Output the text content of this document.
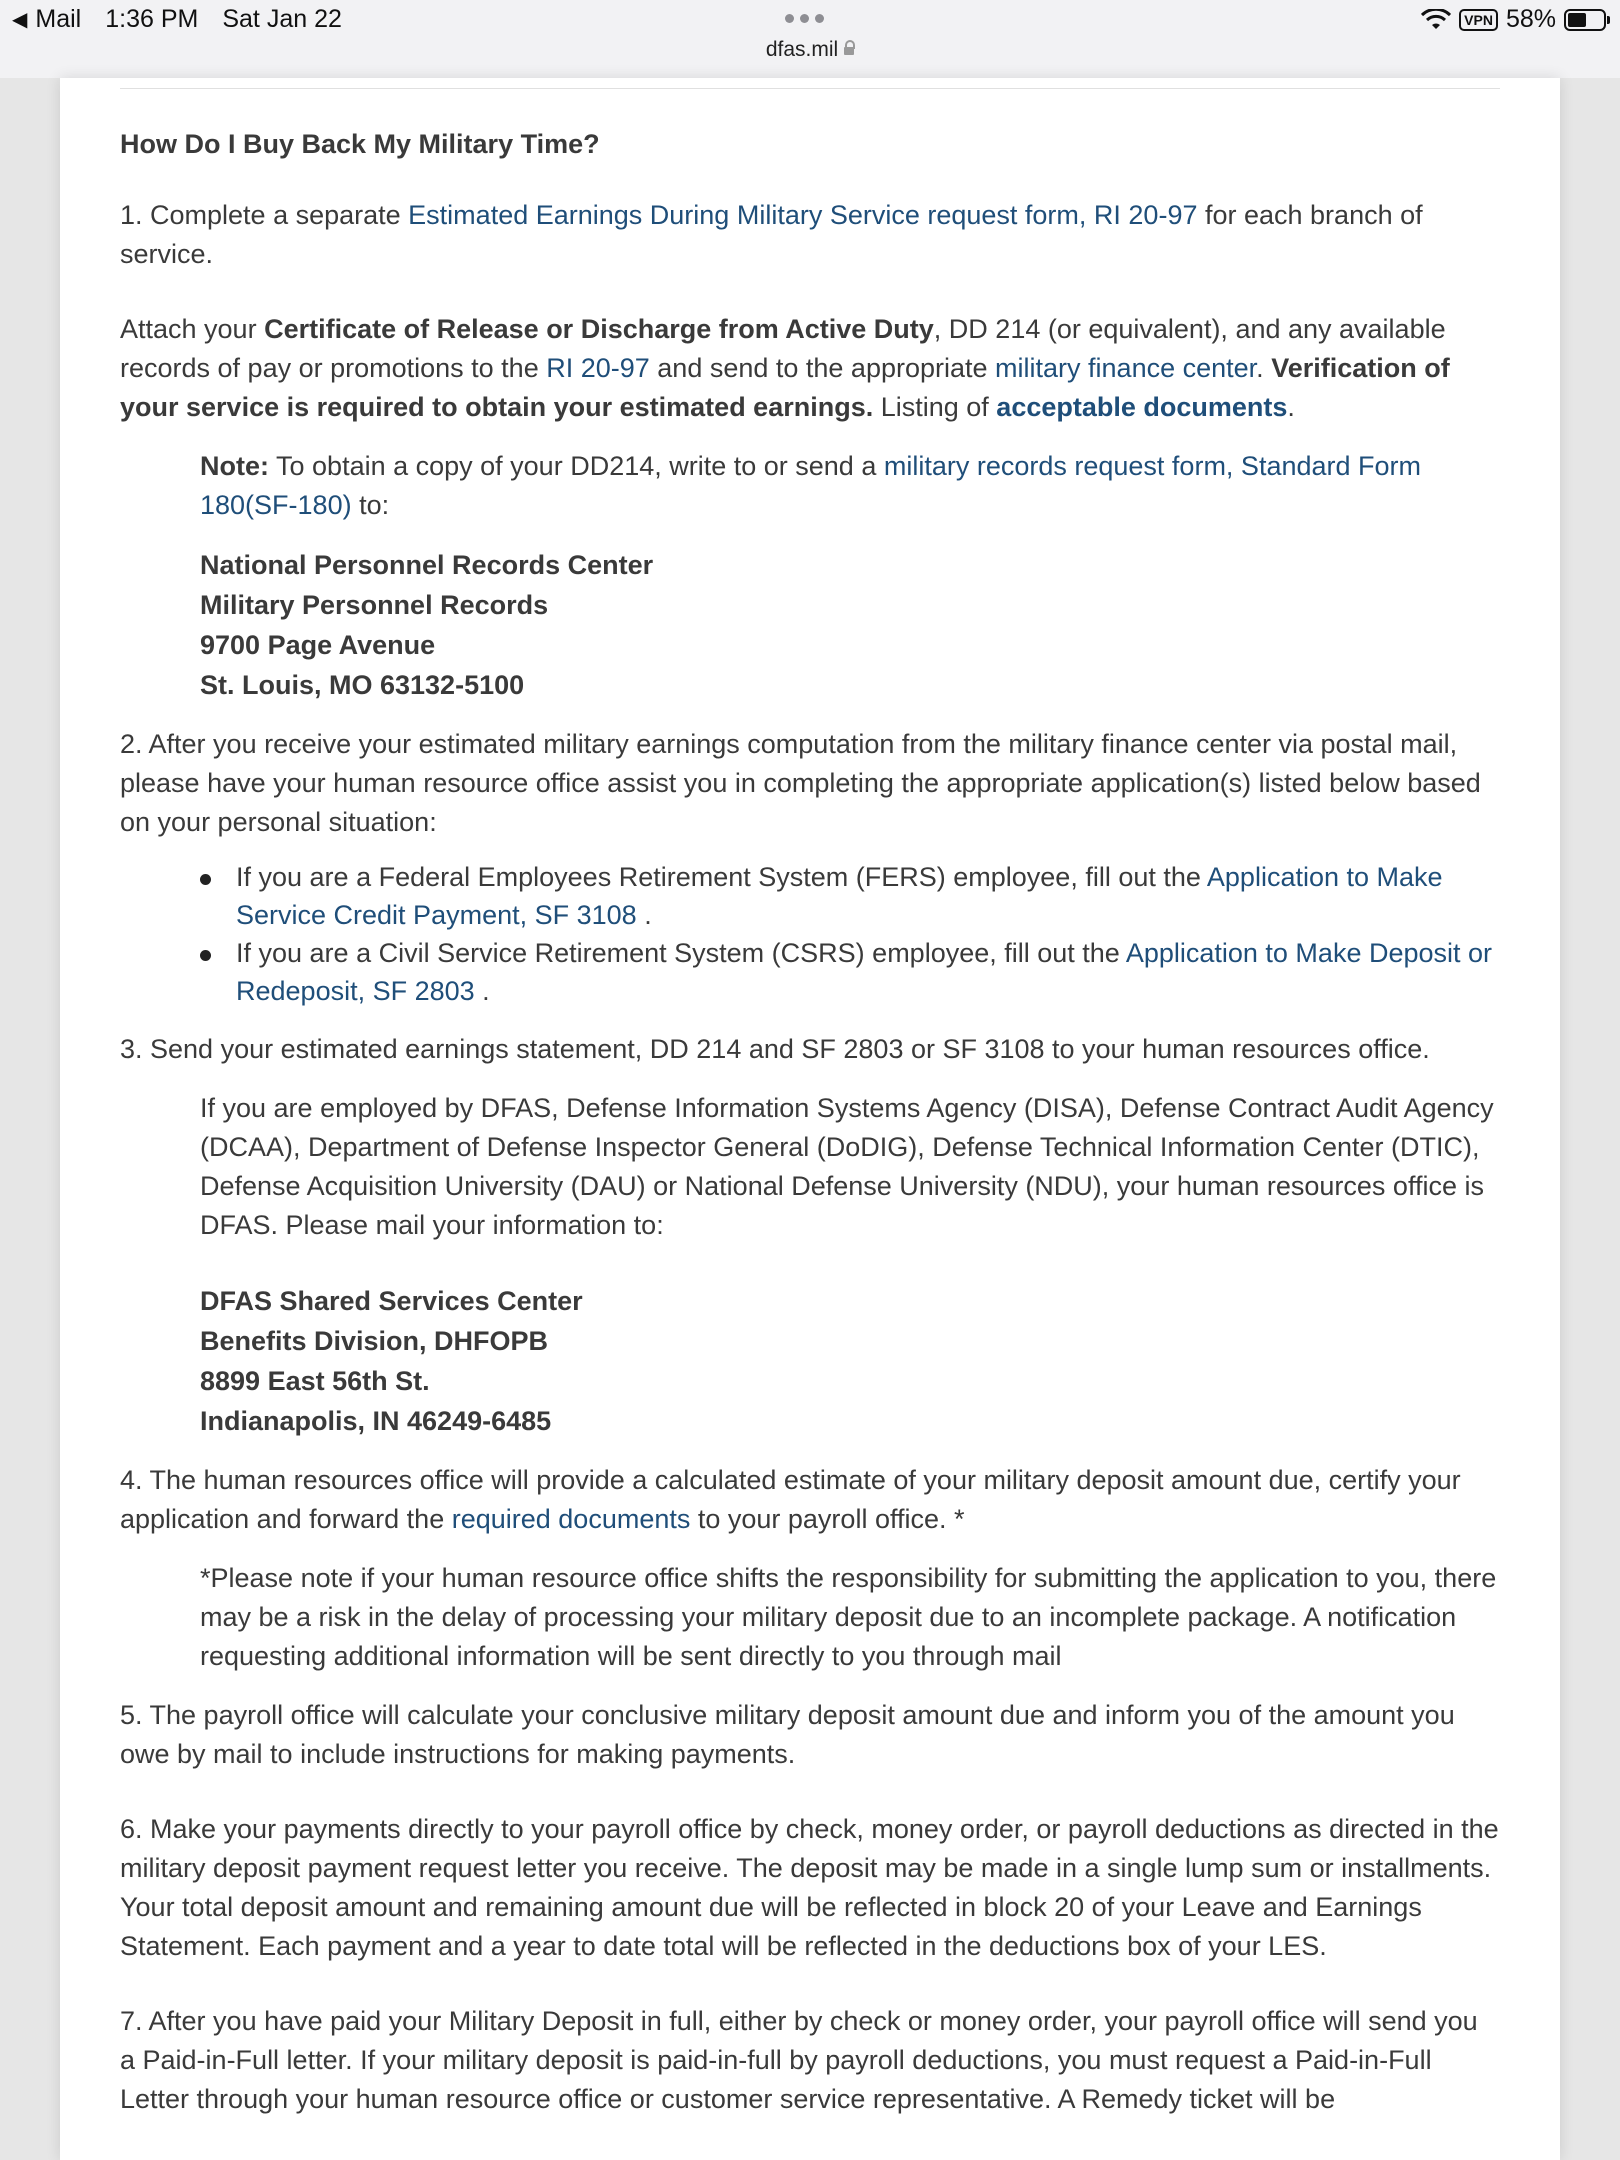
◀ Mail 1:36 PM Sat Jan 22
dfas.mil
VPN 58%
How Do I Buy Back My Military Time?

1. Complete a separate Estimated Earnings During Military Service request form, RI 20-97 for each branch of service.

Attach your Certificate of Release or Discharge from Active Duty, DD 214 (or equivalent), and any available records of pay or promotions to the RI 20-97 and send to the appropriate military finance center. Verification of your service is required to obtain your estimated earnings. Listing of acceptable documents.

Note: To obtain a copy of your DD214, write to or send a military records request form, Standard Form 180(SF-180) to:

National Personnel Records Center
Military Personnel Records
9700 Page Avenue
St. Louis, MO 63132-5100

2. After you receive your estimated military earnings computation from the military finance center via postal mail, please have your human resource office assist you in completing the appropriate application(s) listed below based on your personal situation:

If you are a Federal Employees Retirement System (FERS) employee, fill out the Application to Make Service Credit Payment, SF 3108 .
If you are a Civil Service Retirement System (CSRS) employee, fill out the Application to Make Deposit or Redeposit, SF 2803 .

3. Send your estimated earnings statement, DD 214 and SF 2803 or SF 3108 to your human resources office.

If you are employed by DFAS, Defense Information Systems Agency (DISA), Defense Contract Audit Agency (DCAA), Department of Defense Inspector General (DoDIG), Defense Technical Information Center (DTIC), Defense Acquisition University (DAU) or National Defense University (NDU), your human resources office is DFAS. Please mail your information to:

DFAS Shared Services Center
Benefits Division, DHFOPB
8899 East 56th St.
Indianapolis, IN 46249-6485

4. The human resources office will provide a calculated estimate of your military deposit amount due, certify your application and forward the required documents to your payroll office. *

*Please note if your human resource office shifts the responsibility for submitting the application to you, there may be a risk in the delay of processing your military deposit due to an incomplete package. A notification requesting additional information will be sent directly to you through mail

5. The payroll office will calculate your conclusive military deposit amount due and inform you of the amount you owe by mail to include instructions for making payments.

6. Make your payments directly to your payroll office by check, money order, or payroll deductions as directed in the military deposit payment request letter you receive. The deposit may be made in a single lump sum or installments. Your total deposit amount and remaining amount due will be reflected in block 20 of your Leave and Earnings Statement. Each payment and a year to date total will be reflected in the deductions box of your LES.

7. After you have paid your Military Deposit in full, either by check or money order, your payroll office will send you a Paid-in-Full letter. If your military deposit is paid-in-full by payroll deductions, you must request a Paid-in-Full Letter through your human resource office or customer service representative. A Remedy ticket will be
